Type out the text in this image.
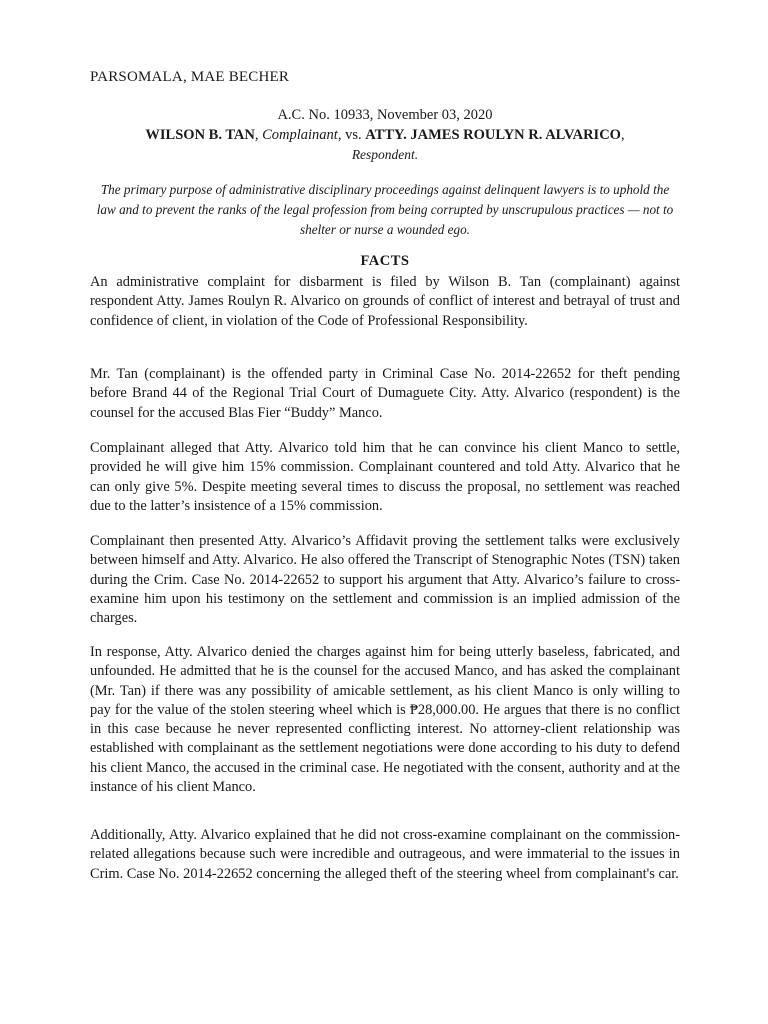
PARSOMALA, MAE BECHER
A.C. No. 10933, November 03, 2020
WILSON B. TAN, Complainant, vs. ATTY. JAMES ROULYN R. ALVARICO,
Respondent.
The primary purpose of administrative disciplinary proceedings against delinquent lawyers is to uphold the law and to prevent the ranks of the legal profession from being corrupted by unscrupulous practices — not to shelter or nurse a wounded ego.
FACTS

An administrative complaint for disbarment is filed by Wilson B. Tan (complainant) against respondent Atty. James Roulyn R. Alvarico on grounds of conflict of interest and betrayal of trust and confidence of client, in violation of the Code of Professional Responsibility.

Mr. Tan (complainant) is the offended party in Criminal Case No. 2014-22652 for theft pending before Brand 44 of the Regional Trial Court of Dumaguete City. Atty. Alvarico (respondent) is the counsel for the accused Blas Fier “Buddy” Manco.

Complainant alleged that Atty. Alvarico told him that he can convince his client Manco to settle, provided he will give him 15% commission. Complainant countered and told Atty. Alvarico that he can only give 5%. Despite meeting several times to discuss the proposal, no settlement was reached due to the latter’s insistence of a 15% commission.

Complainant then presented Atty. Alvarico’s Affidavit proving the settlement talks were exclusively between himself and Atty. Alvarico. He also offered the Transcript of Stenographic Notes (TSN) taken during the Crim. Case No. 2014-22652 to support his argument that Atty. Alvarico’s failure to cross-examine him upon his testimony on the settlement and commission is an implied admission of the charges.

In response, Atty. Alvarico denied the charges against him for being utterly baseless, fabricated, and unfounded. He admitted that he is the counsel for the accused Manco, and has asked the complainant (Mr. Tan) if there was any possibility of amicable settlement, as his client Manco is only willing to pay for the value of the stolen steering wheel which is ₱28,000.00. He argues that there is no conflict in this case because he never represented conflicting interest. No attorney-client relationship was established with complainant as the settlement negotiations were done according to his duty to defend his client Manco, the accused in the criminal case. He negotiated with the consent, authority and at the instance of his client Manco.

Additionally, Atty. Alvarico explained that he did not cross-examine complainant on the commission-related allegations because such were incredible and outrageous, and were immaterial to the issues in Crim. Case No. 2014-22652 concerning the alleged theft of the steering wheel from complainant's car.
